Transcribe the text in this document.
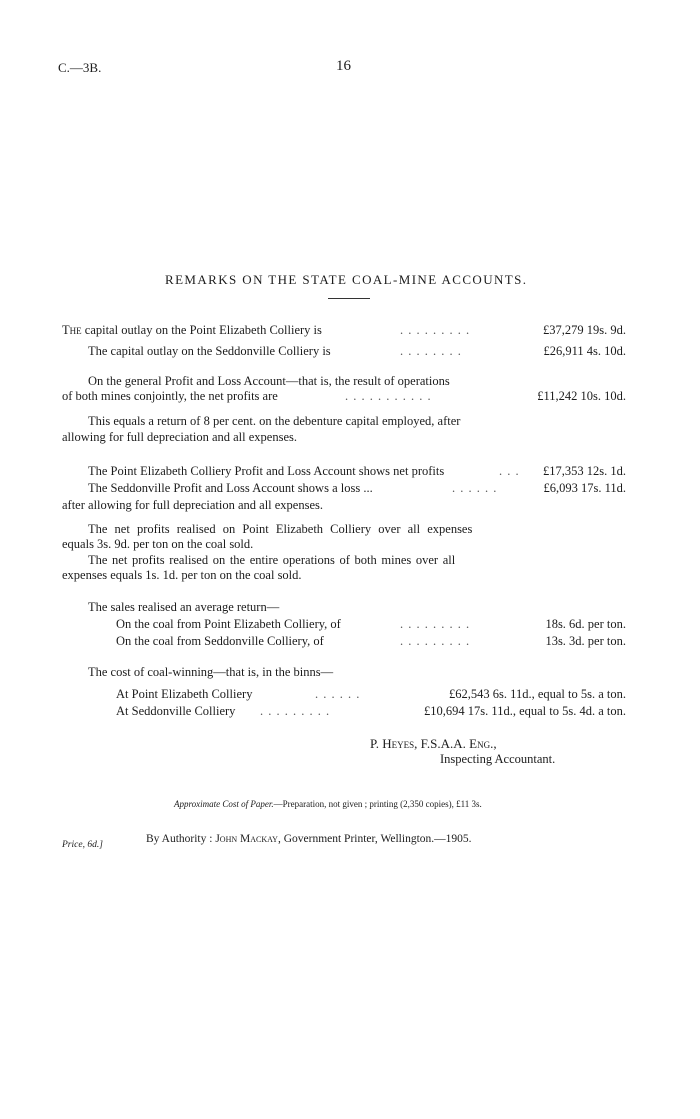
C.—3B.	16
REMARKS ON THE STATE COAL-MINE ACCOUNTS.
The capital outlay on the Point Elizabeth Colliery is	. . . . . . . . .	£37,279 19s. 9d.
The capital outlay on the Seddonville Colliery is	. . . . . . . .	£26,911 4s. 10d.
On the general Profit and Loss Account—that is, the result of operations
of both mines conjointly, the net profits are	. . . . . . . . . . .	£11,242 10s. 10d.
This equals a return of 8 per cent. on the debenture capital employed, after
allowing for full depreciation and all expenses.
The Point Elizabeth Colliery Profit and Loss Account shows net profits	. . . £17,353 12s. 1d.
The Seddonville Profit and Loss Account shows a loss ...	. . . . . .	£6,093 17s. 11d.
after allowing for full depreciation and all expenses.
The net profits realised on Point Elizabeth Colliery over all expenses
equals 3s. 9d. per ton on the coal sold.
The net profits realised on the entire operations of both mines over all
expenses equals 1s. 1d. per ton on the coal sold.
The sales realised an average return—
On the coal from Point Elizabeth Colliery, of	. . . . . . . . .	18s. 6d. per ton.
On the coal from Seddonville Colliery, of	. . . . . . . . .	13s. 3d. per ton.
The cost of coal-winning—that is, in the binns—
At Point Elizabeth Colliery	. . . . . .	£62,543 6s. 11d., equal to 5s. a ton.
At Seddonville Colliery . . . . . . . . .	£10,694 17s. 11d., equal to 5s. 4d. a ton.
P. Heyes, F.S.A.A. Eng.,
Inspecting Accountant.
Approximate Cost of Paper.—Preparation, not given ; printing (2,350 copies), £11 3s.
By Authority : John Mackay, Government Printer, Wellington.—1905.
Price, 6d.]
